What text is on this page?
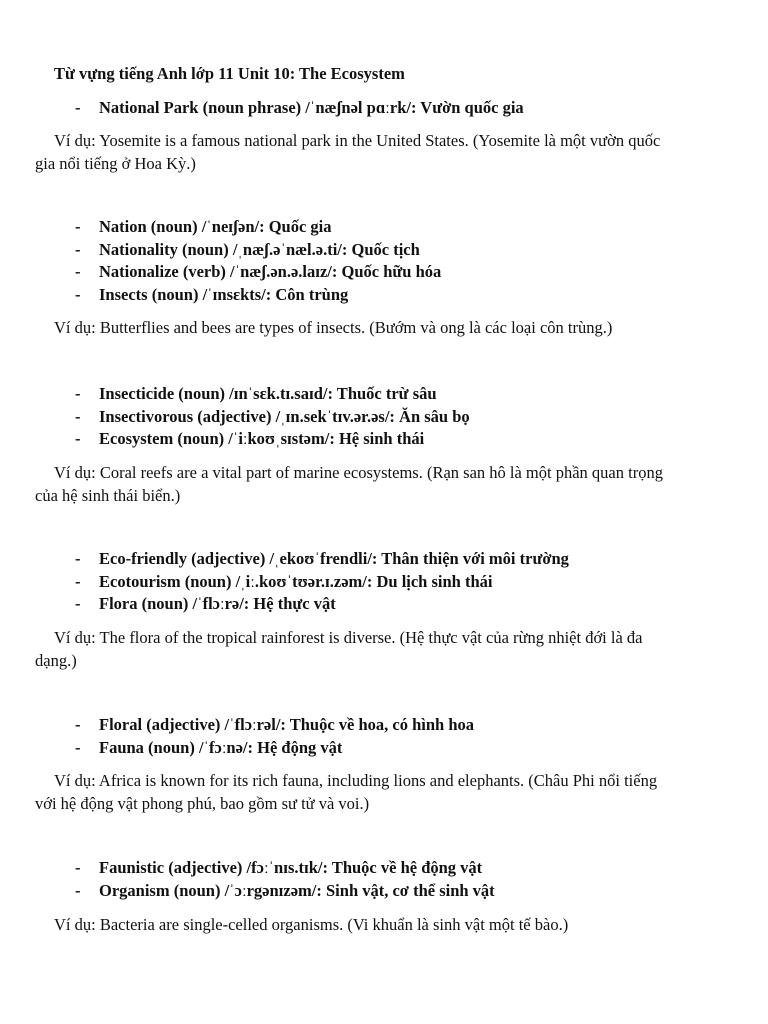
Từ vựng tiếng Anh lớp 11 Unit 10: The Ecosystem
- National Park (noun phrase) /ˈnæʃnəl pɑːrk/: Vườn quốc gia

Ví dụ: Yosemite is a famous national park in the United States. (Yosemite là một vườn quốc gia nổi tiếng ở Hoa Kỳ.)

- Nation (noun) /ˈneɪʃən/: Quốc gia
- Nationality (noun) /ˌnæʃ.əˈnæl.ə.ti/: Quốc tịch
- Nationalize (verb) /ˈnæʃ.ən.ə.laɪz/: Quốc hữu hóa
- Insects (noun) /ˈɪnsɛkts/: Côn trùng

Ví dụ: Butterflies and bees are types of insects. (Bướm và ong là các loại côn trùng.)

- Insecticide (noun) /ɪnˈsɛk.tɪ.saɪd/: Thuốc trừ sâu
- Insectivorous (adjective) /ˌɪn.sekˈtɪv.ər.əs/: Ăn sâu bọ
- Ecosystem (noun) /ˈiːkoʊˌsɪstəm/: Hệ sinh thái

Ví dụ: Coral reefs are a vital part of marine ecosystems. (Rạn san hô là một phần quan trọng của hệ sinh thái biển.)

- Eco-friendly (adjective) /ˌekoʊˈfrendli/: Thân thiện với môi trường
- Ecotourism (noun) /ˌiː.koʊˈtʊər.ɪ.zəm/: Du lịch sinh thái
- Flora (noun) /ˈflɔːrə/: Hệ thực vật

Ví dụ: The flora of the tropical rainforest is diverse. (Hệ thực vật của rừng nhiệt đới là đa dạng.)

- Floral (adjective) /ˈflɔːrəl/: Thuộc về hoa, có hình hoa
- Fauna (noun) /ˈfɔːnə/: Hệ động vật

Ví dụ: Africa is known for its rich fauna, including lions and elephants. (Châu Phi nổi tiếng với hệ động vật phong phú, bao gồm sư tử và voi.)

- Faunistic (adjective) /fɔːˈnɪs.tɪk/: Thuộc về hệ động vật
- Organism (noun) /ˈɔːrgənɪzəm/: Sinh vật, cơ thể sinh vật

Ví dụ: Bacteria are single-celled organisms. (Vi khuẩn là sinh vật một tế bào.)
